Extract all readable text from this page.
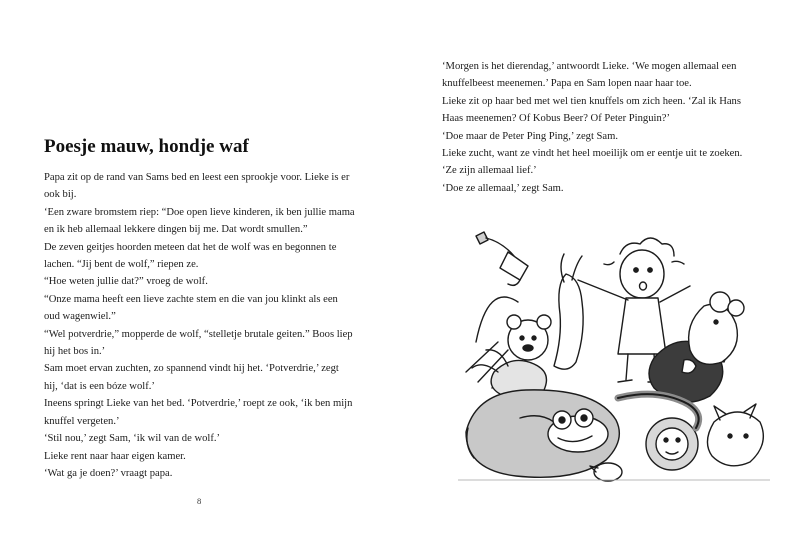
Poesje mauw, hondje waf

Papa zit op de rand van Sams bed en leest een sprookje voor. Lieke is er

ook bij.

‘Een zware bromstem riep: “Doe open lieve kinderen, ik ben jullie mama

en ik heb allemaal lekkere dingen bij me. Dat wordt smullen.”

De zeven geitjes hoorden meteen dat het de wolf was en begonnen te

lachen. “Jij bent de wolf,” riepen ze.

“Hoe weten jullie dat?” vroeg de wolf.

“Onze mama heeft een lieve zachte stem en die van jou klinkt als een

oud wagenwiel.”

“Wel potverdrie,” mopperde de wolf, “stelletje brutale geiten.” Boos liep

hij het bos in.’

Sam moet ervan zuchten, zo spannend vindt hij het. ‘Potverdrie,’ zegt

hij, ‘dat is een bóze wolf.’

Ineens springt Lieke van het bed. ‘Potverdrie,’ roept ze ook, ‘ik ben mijn

knuffel vergeten.’

‘Stil nou,’ zegt Sam, ‘ik wil van de wolf.’

Lieke rent naar haar eigen kamer.

‘Wat ga je doen?’ vraagt papa.

8

‘Morgen is het dierendag,’ antwoordt Lieke. ‘We mogen allemaal een

knuffelbeest meenemen.’ Papa en Sam lopen naar haar toe.

Lieke zit op haar bed met wel tien knuffels om zich heen. ‘Zal ik Hans

Haas meenemen? Of Kobus Beer? Of Peter Pinguin?’

‘Doe maar de Peter Ping Ping,’ zegt Sam.

Lieke zucht, want ze vindt het heel moeilijk om er eentje uit te zoeken.

‘Ze zijn allemaal lief.’

‘Doe ze allemaal,’ zegt Sam.
